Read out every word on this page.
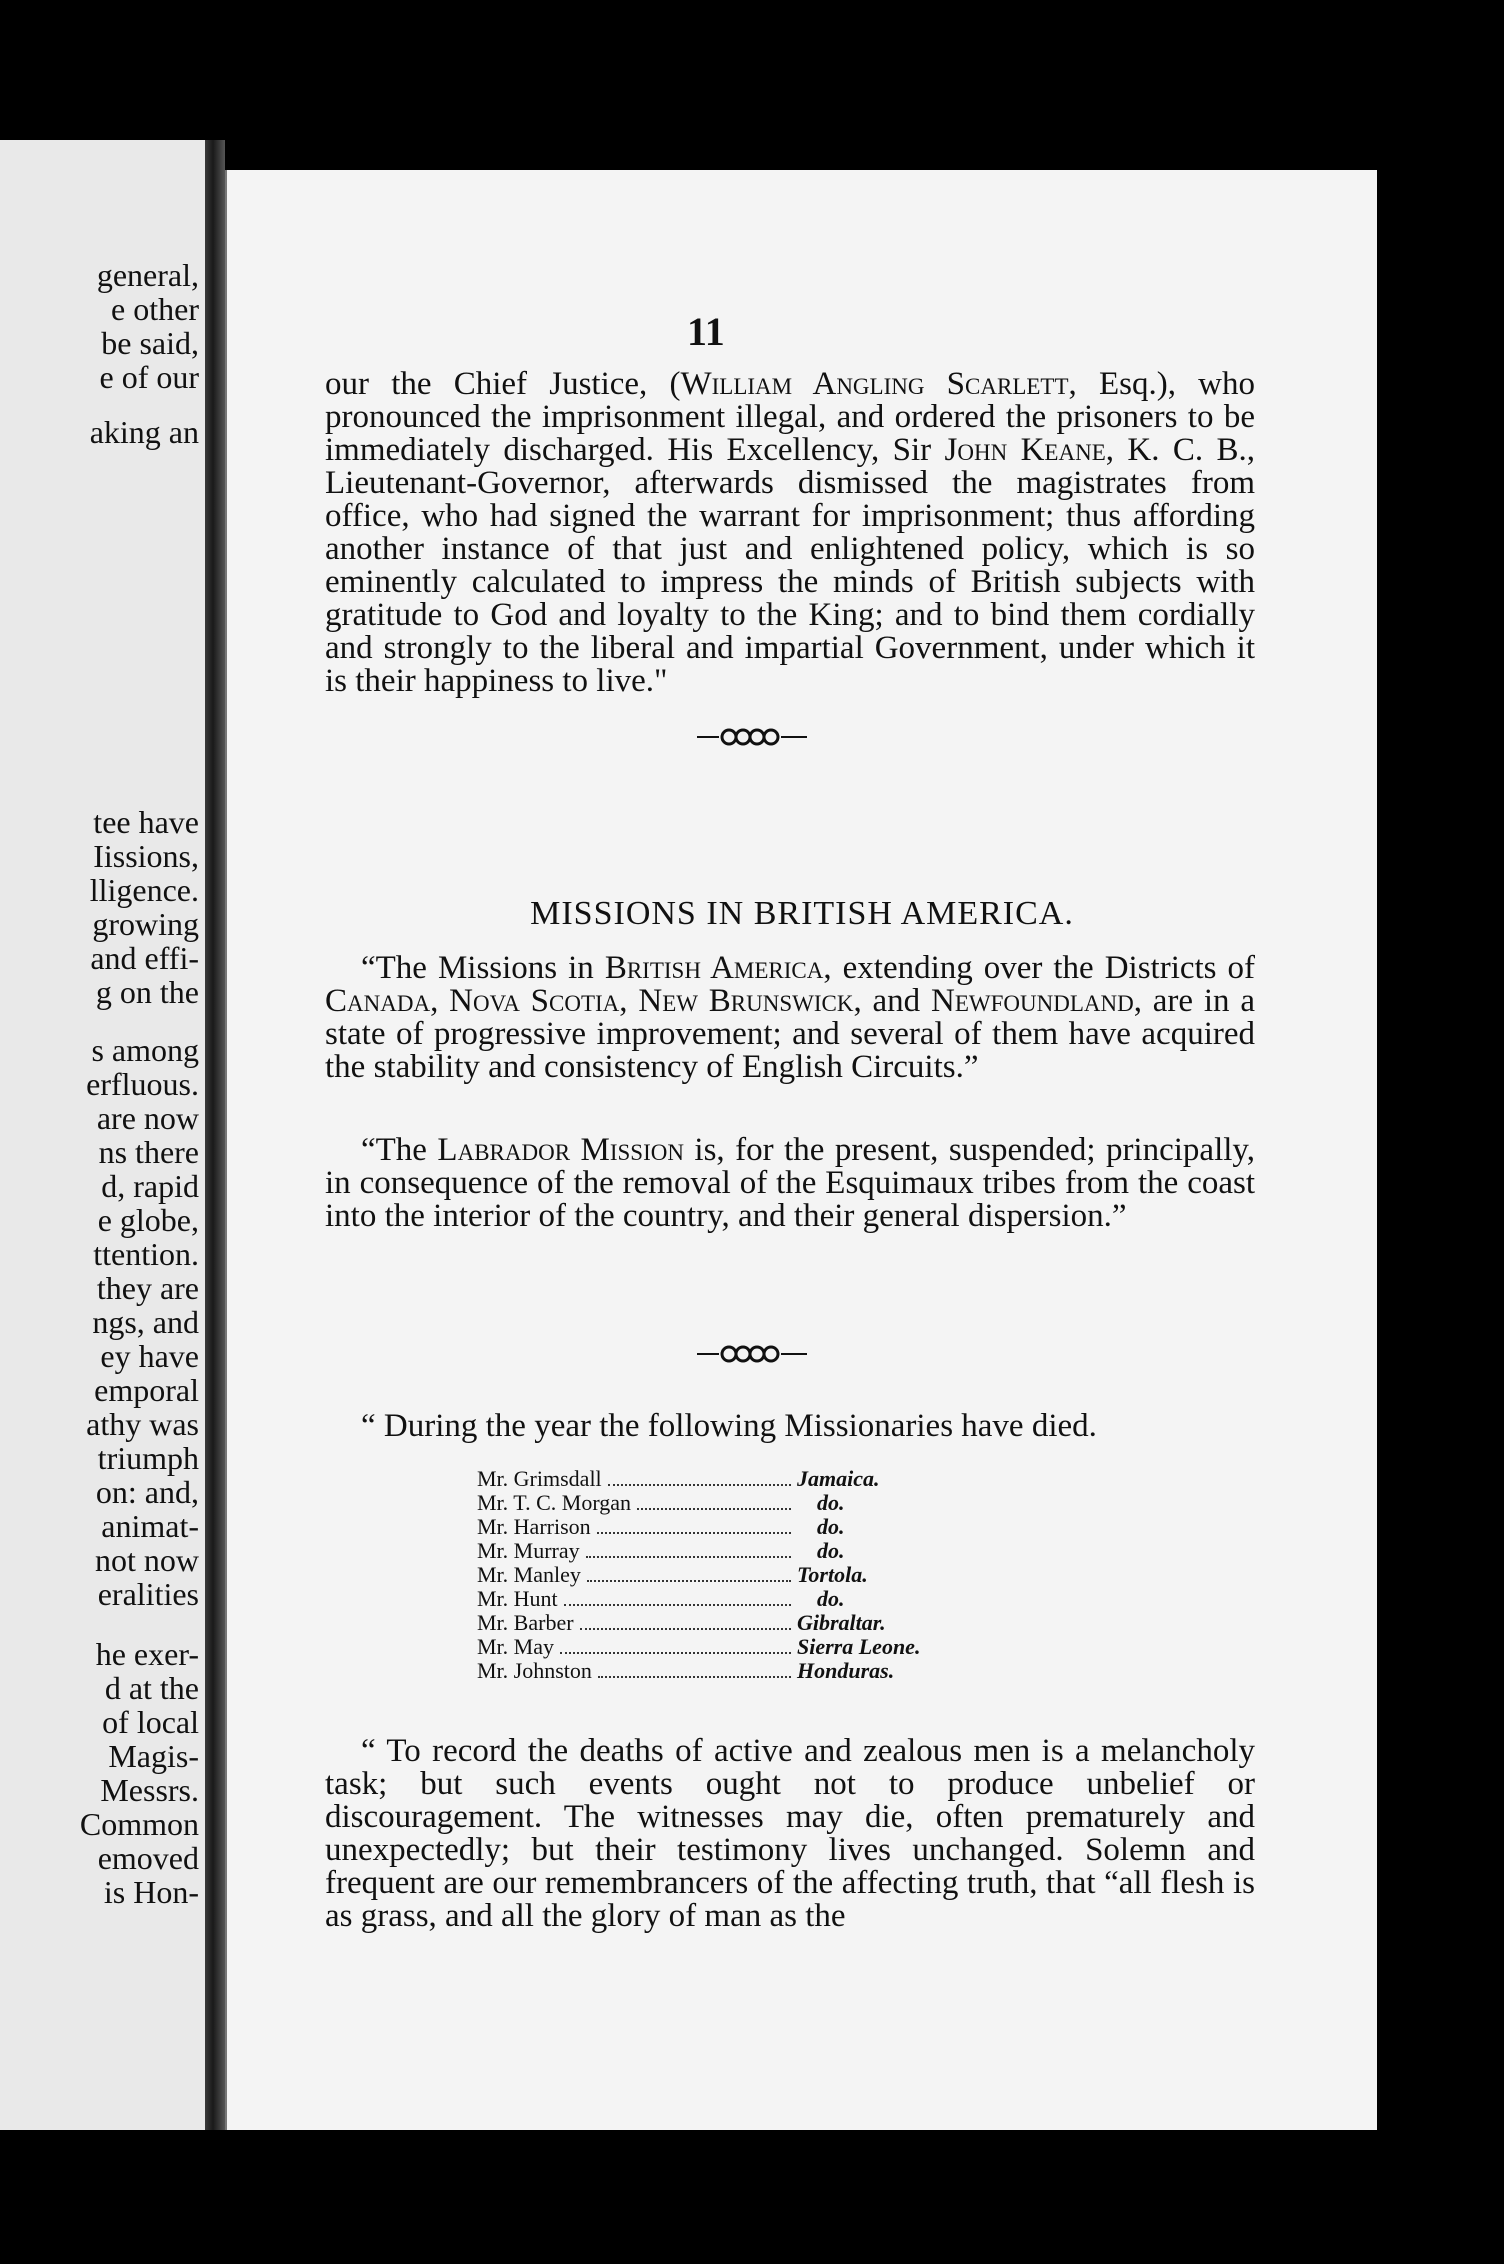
general,
e other
be said,
e of our
aking an
tee have
Iissions,
lligence.
growing
and effi-
g on the
s among
erfluous.
are now
ns there
d, rapid
e globe,
ttention.
they are
ngs, and
ey have
emporal
athy was
triumph
on: and,
animat-
not now
eralities
he exer-
d at the
of local
Magis-
Messrs.
Common
emoved
is Hon-
11

our the Chief Justice, (William Angling Scarlett, Esq.), who pronounced the imprisonment illegal, and ordered the prisoners to be immediately discharged. His Excellency, Sir John Keane, K. C. B., Lieutenant-Governor, afterwards dismissed the magistrates from office, who had signed the warrant for imprisonment; thus affording another instance of that just and enlightened policy, which is so eminently calculated to impress the minds of British subjects with gratitude to God and loyalty to the King; and to bind them cordially and strongly to the liberal and impartial Government, under which it is their happiness to live."

MISSIONS IN BRITISH AMERICA.

“The Missions in British America, extending over the Districts of Canada, Nova Scotia, New Brunswick, and Newfoundland, are in a state of progressive improvement; and several of them have acquired the stability and consistency of English Circuits.”

“The Labrador Mission is, for the present, suspended; principally, in consequence of the removal of the Esquimaux tribes from the coast into the interior of the country, and their general dispersion.”

“ During the year the following Missionaries have died.
Mr. Grimsdall	Jamaica.
Mr. T. C. Morgan	do.
Mr. Harrison	do.
Mr. Murray	do.
Mr. Manley	Tortola.
Mr. Hunt	do.
Mr. Barber	Gibraltar.
Mr. May	Sierra Leone.
Mr. Johnston	Honduras.

“ To record the deaths of active and zealous men is a melancholy task; but such events ought not to produce unbelief or discouragement. The witnesses may die, often prematurely and unexpectedly; but their testimony lives unchanged. Solemn and frequent are our remembrancers of the affecting truth, that “all flesh is as grass, and all the glory of man as the
